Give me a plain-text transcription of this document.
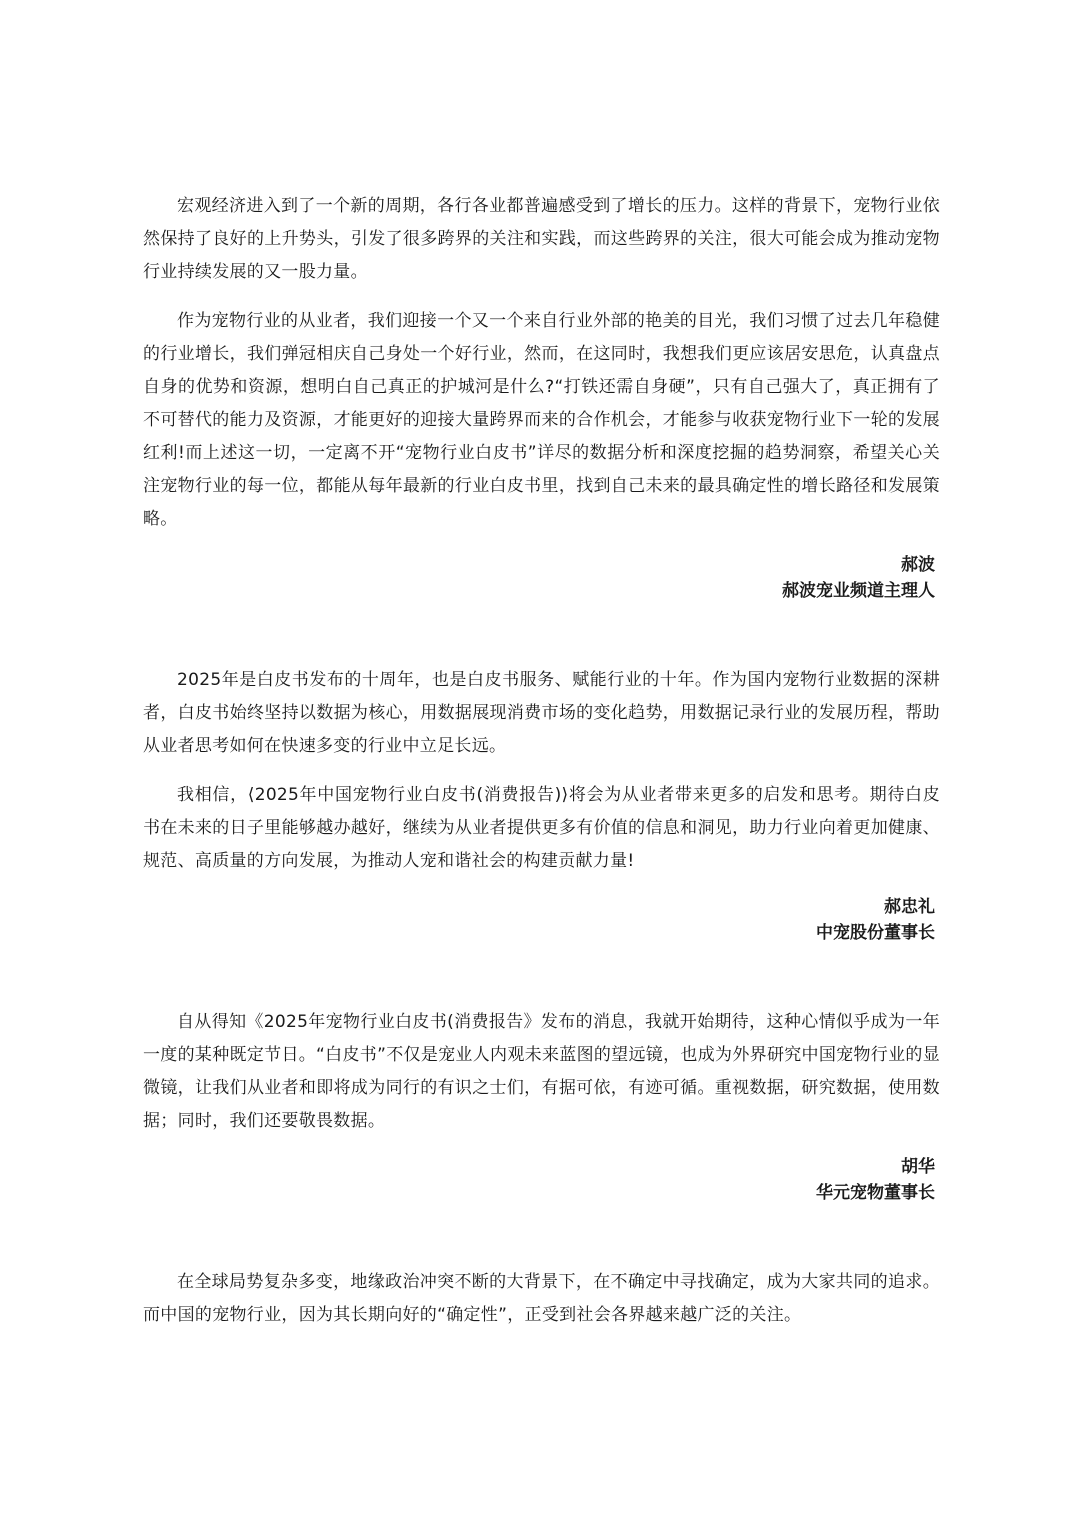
宏观经济进入到了一个新的周期，各行各业都普遍感受到了增长的压力。这样的背景下，宠物行业依然保持了良好的上升势头，引发了很多跨界的关注和实践，而这些跨界的关注，很大可能会成为推动宠物行业持续发展的又一股力量。

作为宠物行业的从业者，我们迎接一个又一个来自行业外部的艳美的目光，我们习惯了过去几年稳健的行业增长，我们弹冠相庆自己身处一个好行业，然而，在这同时，我想我们更应该居安思危，认真盘点自身的优势和资源，想明白自己真正的护城河是什么?“打铁还需自身硬”，只有自己强大了，真正拥有了不可替代的能力及资源，才能更好的迎接大量跨界而来的合作机会，才能参与收获宠物行业下一轮的发展红利!而上述这一切，一定离不开“宠物行业白皮书”详尽的数据分析和深度挖掘的趋势洞察，希望关心关注宠物行业的每一位，都能从每年最新的行业白皮书里，找到自己未来的最具确定性的增长路径和发展策略。

郝波

郝波宠业频道主理人

2025年是白皮书发布的十周年，也是白皮书服务、赋能行业的十年。作为国内宠物行业数据的深耕者，白皮书始终坚持以数据为核心，用数据展现消费市场的变化趋势，用数据记录行业的发展历程，帮助从业者思考如何在快速多变的行业中立足长远。

我相信，⟨2025年中国宠物行业白皮书(消费报告)⟩将会为从业者带来更多的启发和思考。期待白皮书在未来的日子里能够越办越好，继续为从业者提供更多有价值的信息和洞见，助力行业向着更加健康、规范、高质量的方向发展，为推动人宠和谐社会的构建贡献力量!

郝忠礼

中宠股份董事长

自从得知《2025年宠物行业白皮书(消费报告》发布的消息，我就开始期待，这种心情似乎成为一年一度的某种既定节日。“白皮书”不仅是宠业人内观未来蓝图的望远镜，也成为外界研究中国宠物行业的显微镜，让我们从业者和即将成为同行的有识之士们，有据可依，有迹可循。重视数据，研究数据，使用数据；同时，我们还要敬畏数据。

胡华

华元宠物董事长

在全球局势复杂多变，地缘政治冲突不断的大背景下，在不确定中寻找确定，成为大家共同的追求。而中国的宠物行业，因为其长期向好的“确定性”，正受到社会各界越来越广泛的关注。
